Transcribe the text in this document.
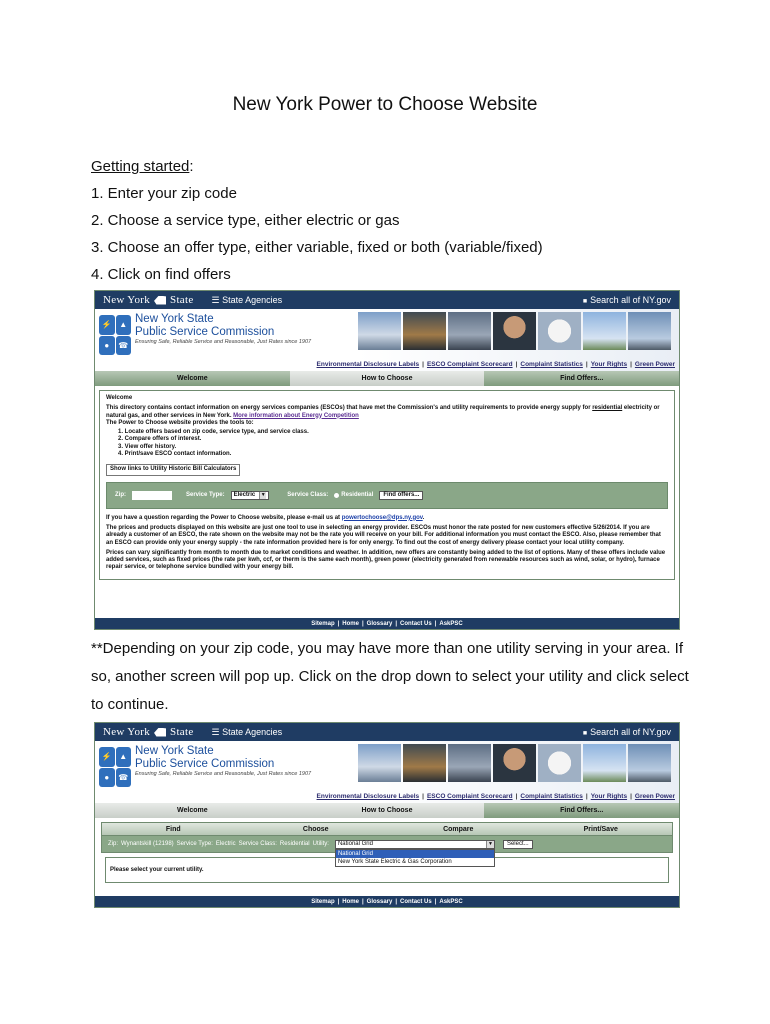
New York Power to Choose Website
Getting started:
1. Enter your zip code
2. Choose a service type, either electric or gas
3. Choose an offer type, either variable, fixed or both (variable/fixed)
4. Click on find offers
New York State ☰ State Agencies	■ Search all of NY.gov
⚡ ▲
●	☎
New York State
Public Service Commission
Ensuring Safe, Reliable Service and Reasonable, Just Rates since 1907
Environmental Disclosure Labels | ESCO Complaint Scorecard | Complaint Statistics | Your Rights | Green Power
Welcome	How to Choose	Find Offers...

Welcome

This directory contains contact information on energy services companies (ESCOs) that have met the Commission's and utility requirements to provide energy supply for residential electricity or natural gas, and other services in New York. More information about Energy Competition
The Power to Choose website provides the tools to:
1. Locate offers based on zip code, service type, and service class.
2. Compare offers of interest.
3. View offer history.
4. Print/save ESCO contact information.
Show links to Utility Historic Bill Calculators
Zip:	Service Type: Electric	▼	Service Class: Residential	Find offers...

If you have a question regarding the Power to Choose website, please e-mail us at powertochoose@dps.ny.gov.

The prices and products displayed on this website are just one tool to use in selecting an energy provider. ESCOs must honor the rate posted for new customers effective 5/26/2014. If you are already a customer of an ESCO, the rate shown on the website may not be the rate you will receive on your bill. For additional information you must contact the ESCO. Also, please remember that an ESCO can provide only your energy supply - the rate information provided here is for only energy. To find out the cost of energy delivery please contact your local utility company.

Prices can vary significantly from month to month due to market conditions and weather. In addition, new offers are constantly being added to the list of options. Many of these offers include value added services, such as fixed prices (the rate per kwh, ccf, or therm is the same each month), green power (electricity generated from renewable resources such as wind, solar, or hydro), furnace repair service, or telephone service bundled with your energy bill.

Sitemap | Home | Glossary | Contact Us | AskPSC
**Depending on your zip code, you may have more than one utility serving in your area. If so, another screen will pop up. Click on the drop down to select your utility and click select to continue.
New York State ☰ State Agencies	■ Search all of NY.gov
⚡ ▲
●	☎
New York State
Public Service Commission
Ensuring Safe, Reliable Service and Reasonable, Just Rates since 1907
Environmental Disclosure Labels | ESCO Complaint Scorecard | Complaint Statistics | Your Rights | Green Power
Welcome	How to Choose	Find Offers...
Find	Choose	Compare	Print/Save
Zip: Wynantskill (12198) Service Type: Electric Service Class: Residential Utility: National Grid	▼
National Grid
New York State Electric & Gas Corporation
Select...
Please select your current utility.
Sitemap | Home | Glossary | Contact Us | AskPSC
